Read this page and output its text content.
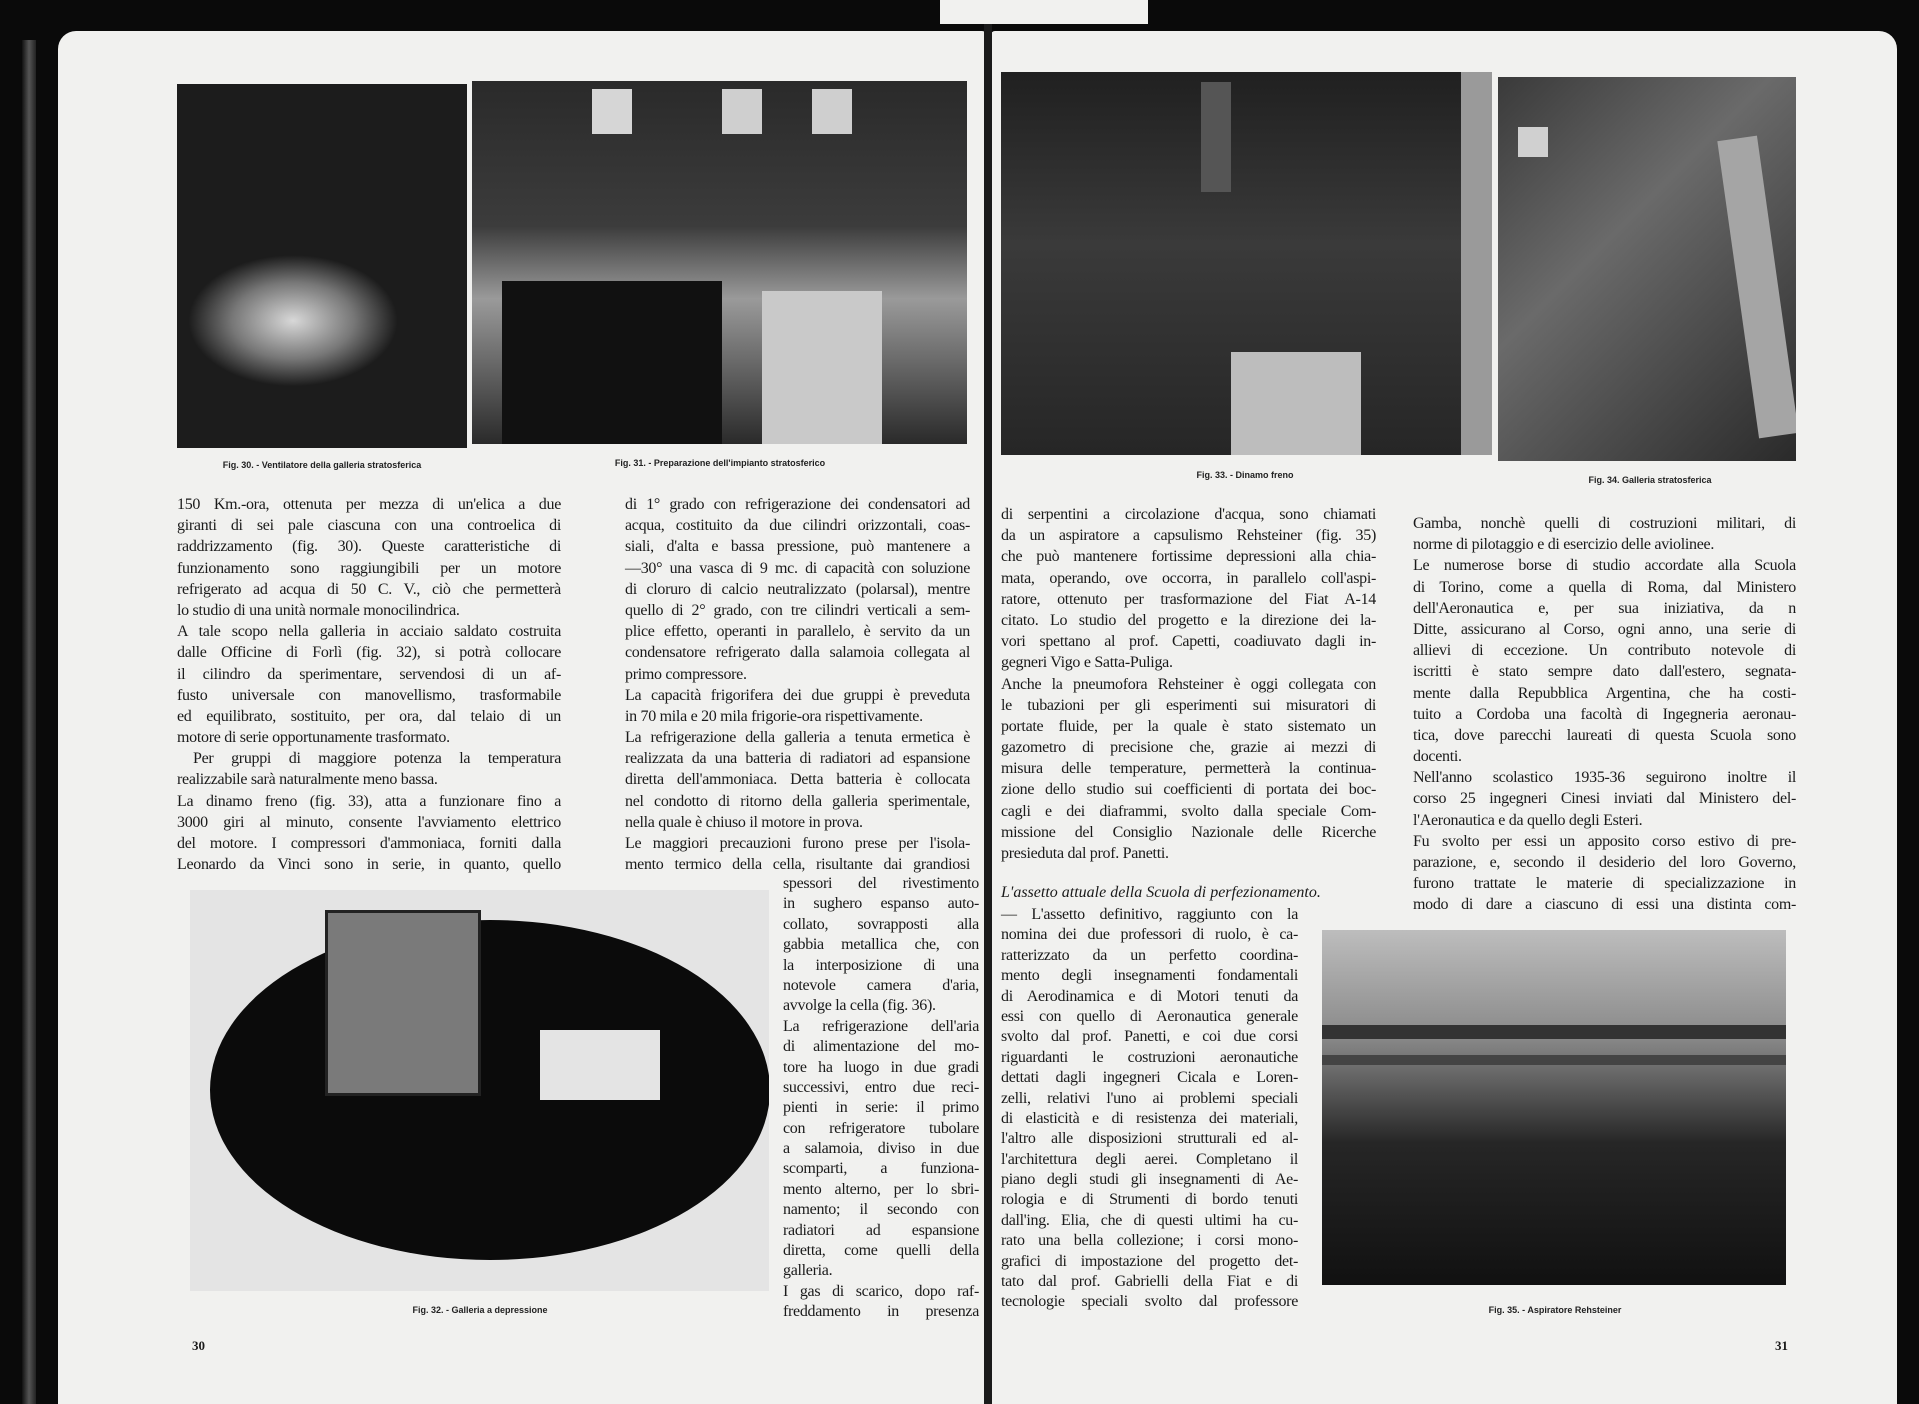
Fig. 30. - Ventilatore della galleria stratosferica	Fig. 31. - Preparazione dell'impianto stratosferico
Fig. 33. - Dinamo freno	Fig. 34. Galleria stratosferica
Fig. 32. - Galleria a depressione	Fig. 35. - Aspiratore Rehsteiner
150 Km.-ora, ottenuta per mezza di un'elica a due
giranti di sei pale ciascuna con una controelica di
raddrizzamento (fig. 30). Queste caratteristiche di
funzionamento sono raggiungibili per un motore
refrigerato ad acqua di 50 C. V., ciò che permetterà
lo studio di una unità normale monocilindrica.
A tale scopo nella galleria in acciaio saldato costruita
dalle Officine di Forlì (fig. 32), si potrà collocare
il cilindro da sperimentare, servendosi di un af-
fusto universale con manovellismo, trasformabile
ed equilibrato, sostituito, per ora, dal telaio di un
motore di serie opportunamente trasformato.
Per gruppi di maggiore potenza la temperatura
realizzabile sarà naturalmente meno bassa.
La dinamo freno (fig. 33), atta a funzionare fino a
3000 giri al minuto, consente l'avviamento elettrico
del motore. I compressori d'ammoniaca, forniti dalla
Leonardo da Vinci sono in serie, in quanto, quello
di 1° grado con refrigerazione dei condensatori ad
acqua, costituito da due cilindri orizzontali, coas-
siali, d'alta e bassa pressione, può mantenere a
—30° una vasca di 9 mc. di capacità con soluzione
di cloruro di calcio neutralizzato (polarsal), mentre
quello di 2° grado, con tre cilindri verticali a sem-
plice effetto, operanti in parallelo, è servito da un
condensatore refrigerato dalla salamoia collegata al
primo compressore.
La capacità frigorifera dei due gruppi è preveduta
in 70 mila e 20 mila frigorie-ora rispettivamente.
La refrigerazione della galleria a tenuta ermetica è
realizzata da una batteria di radiatori ad espansione
diretta dell'ammoniaca. Detta batteria è collocata
nel condotto di ritorno della galleria sperimentale,
nella quale è chiuso il motore in prova.
Le maggiori precauzioni furono prese per l'isola-
mento termico della cella, risultante dai grandiosi
spessori del rivestimento
in sughero espanso auto-
collato, sovrapposti alla
gabbia metallica che, con
la interposizione di una
notevole camera d'aria,
avvolge la cella (fig. 36).
La refrigerazione dell'aria
di alimentazione del mo-
tore ha luogo in due gradi
successivi, entro due reci-
pienti in serie: il primo
con refrigeratore tubolare
a salamoia, diviso in due
scomparti, a funziona-
mento alterno, per lo sbri-
namento; il secondo con
radiatori ad espansione
diretta, come quelli della
galleria.
I gas di scarico, dopo raf-
freddamento in presenza
di serpentini a circolazione d'acqua, sono chiamati
da un aspiratore a capsulismo Rehsteiner (fig. 35)
che può mantenere fortissime depressioni alla chia-
mata, operando, ove occorra, in parallelo coll'aspi-
ratore, ottenuto per trasformazione del Fiat A-14
citato. Lo studio del progetto e la direzione dei la-
vori spettano al prof. Capetti, coadiuvato dagli in-
gegneri Vigo e Satta-Puliga.
Anche la pneumofora Rehsteiner è oggi collegata con
le tubazioni per gli esperimenti sui misuratori di
portate fluide, per la quale è stato sistemato un
gazometro di precisione che, grazie ai mezzi di
misura delle temperature, permetterà la continua-
zione dello studio sui coefficienti di portata dei boc-
cagli e dei diaframmi, svolto dalla speciale Com-
missione del Consiglio Nazionale delle Ricerche
presieduta dal prof. Panetti.
L'assetto attuale della Scuola di perfezionamento.
— L'assetto definitivo, raggiunto con la
nomina dei due professori di ruolo, è ca-
ratterizzato da un perfetto coordina-
mento degli insegnamenti fondamentali
di Aerodinamica e di Motori tenuti da
essi con quello di Aeronautica generale
svolto dal prof. Panetti, e coi due corsi
riguardanti le costruzioni aeronautiche
dettati dagli ingegneri Cicala e Loren-
zelli, relativi l'uno ai problemi speciali
di elasticità e di resistenza dei materiali,
l'altro alle disposizioni strutturali ed al-
l'architettura degli aerei. Completano il
piano degli studi gli insegnamenti di Ae-
rologia e di Strumenti di bordo tenuti
dall'ing. Elia, che di questi ultimi ha cu-
rato una bella collezione; i corsi mono-
grafici di impostazione del progetto det-
tato dal prof. Gabrielli della Fiat e di
tecnologie speciali svolto dal professore
Gamba, nonchè quelli di costruzioni militari, di
norme di pilotaggio e di esercizio delle aviolinee.
Le numerose borse di studio accordate alla Scuola
di Torino, come a quella di Roma, dal Ministero
dell'Aeronautica e, per sua iniziativa, da n
Ditte, assicurano al Corso, ogni anno, una serie di
allievi di eccezione. Un contributo notevole di
iscritti è stato sempre dato dall'estero, segnata-
mente dalla Repubblica Argentina, che ha costi-
tuito a Cordoba una facoltà di Ingegneria aeronau-
tica, dove parecchi laureati di questa Scuola sono
docenti.
Nell'anno scolastico 1935-36 seguirono inoltre il
corso 25 ingegneri Cinesi inviati dal Ministero del-
l'Aeronautica e da quello degli Esteri.
Fu svolto per essi un apposito corso estivo di pre-
parazione, e, secondo il desiderio del loro Governo,
furono trattate le materie di specializzazione in
modo di dare a ciascuno di essi una distinta com-
30	31
